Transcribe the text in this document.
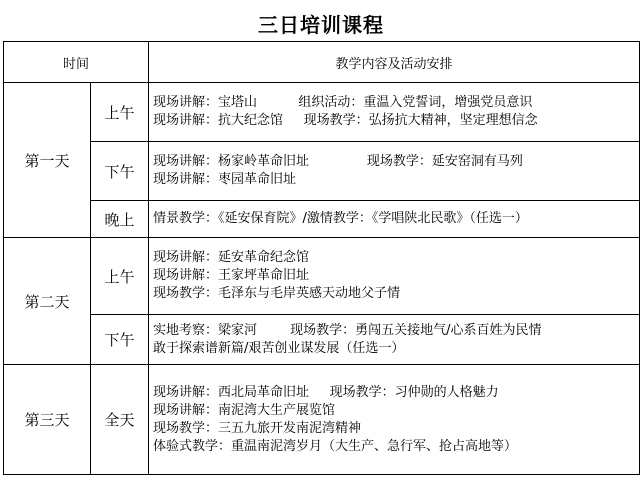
三日培训课程
时间		教学内容及活动安排
第一天	上午	现场讲解：宝塔山          组织活动：重温入党誓词，增强党员意识
现场讲解：抗大纪念馆     现场教学：弘扬抗大精神，坚定理想信念

	下午	现场讲解：杨家岭革命旧址              现场教学：延安窑洞有马列
现场讲解：枣园革命旧址

	晚上	情景教学：《延安保育院》/激情教学：《学唱陕北民歌》（任选一）

第二天	上午	现场讲解：延安革命纪念馆
现场讲解：王家坪革命旧址
现场教学：毛泽东与毛岸英感天动地父子情

	下午	实地考察：梁家河        现场教学：勇闯五关接地气/心系百姓为民情
敢于探索谱新篇/艰苦创业谋发展（任选一）

第三天	全天	现场讲解：西北局革命旧址     现场教学：习仲勋的人格魅力
现场讲解：南泥湾大生产展览馆
现场教学：三五九旅开发南泥湾精神
体验式教学：重温南泥湾岁月（大生产、急行军、抢占高地等）
